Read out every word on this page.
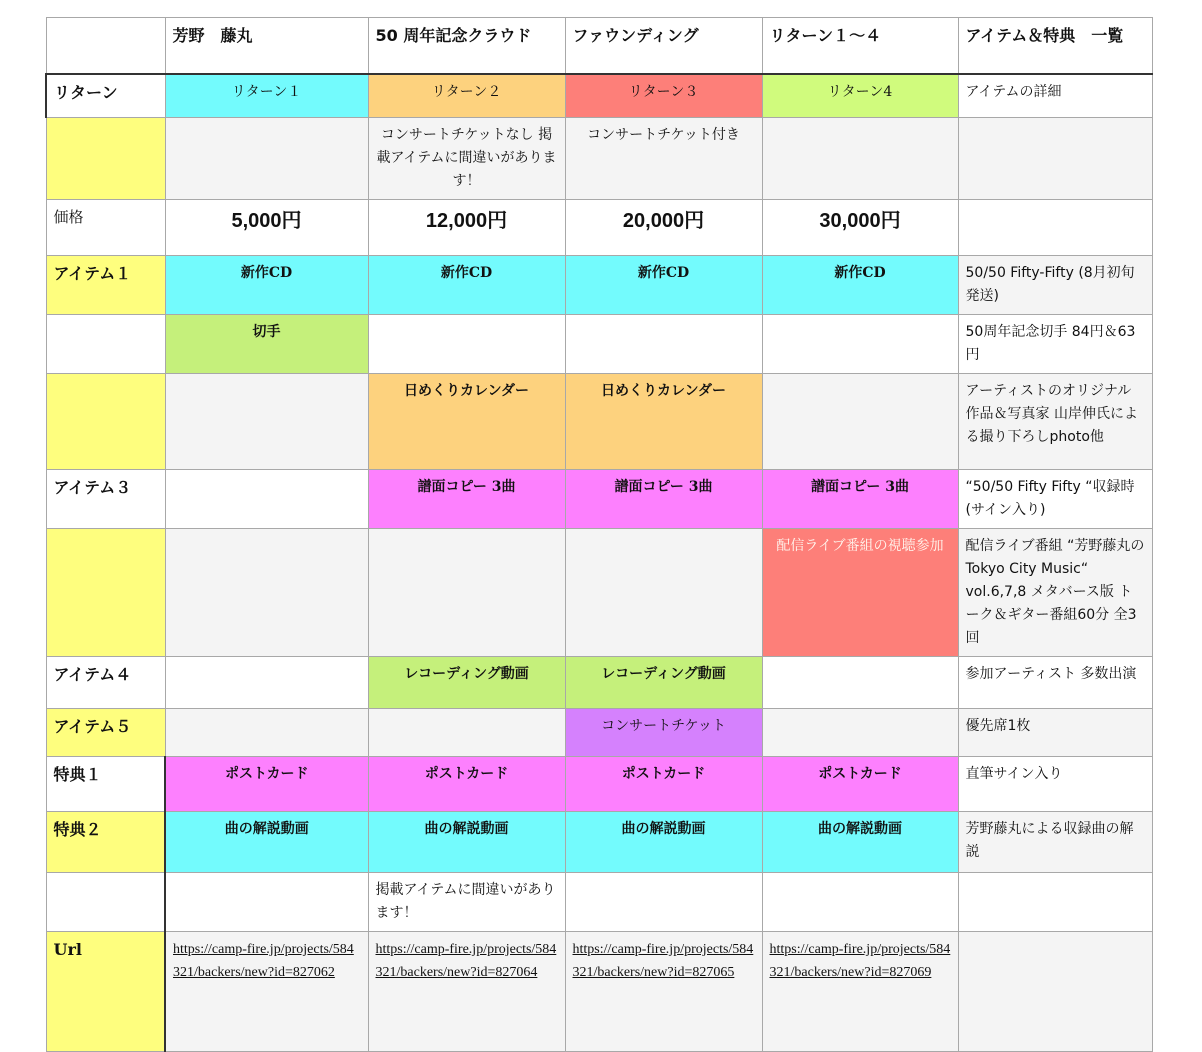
	芳野　藤丸	50 周年記念クラウド	ファウンディング	リターン１〜４	アイテム＆特典　一覧
リターン	リターン１	リターン２	リターン３	リターン4	アイテムの詳細
		コンサートチケットなし 掲載アイテムに間違いがあります！	コンサートチケット付き		
価格	5,000円	12,000円	20,000円	30,000円	
アイテム１	新作CD	新作CD	新作CD	新作CD	50/50 Fifty-Fifty (8月初旬発送)
	切手				50周年記念切手 84円＆63円
		日めくりカレンダー	日めくりカレンダー		アーティストのオリジナル作品＆写真家 山岸伸氏による撮り下ろしphoto他
アイテム３		譜面コピー 3曲	譜面コピー 3曲	譜面コピー 3曲	“50/50 Fifty Fifty “収録時 (サイン入り)
				配信ライブ番組の視聴参加	配信ライブ番組 “芳野藤丸のTokyo City Music“ vol.6,7,8 メタバース版 トーク＆ギター番組60分 全3回
アイテム４		レコーディング動画	レコーディング動画		参加アーティスト 多数出演
アイテム５			コンサートチケット		優先席1枚
特典１	ポストカード	ポストカード	ポストカード	ポストカード	直筆サイン入り
特典２	曲の解説動画	曲の解説動画	曲の解説動画	曲の解説動画	芳野藤丸による収録曲の解説
		掲載アイテムに間違いがあります！			
Url	https://camp-fire.jp/projects/584321/backers/new?id=827062	https://camp-fire.jp/projects/584321/backers/new?id=827064	https://camp-fire.jp/projects/584321/backers/new?id=827065	https://camp-fire.jp/projects/584321/backers/new?id=827069	
